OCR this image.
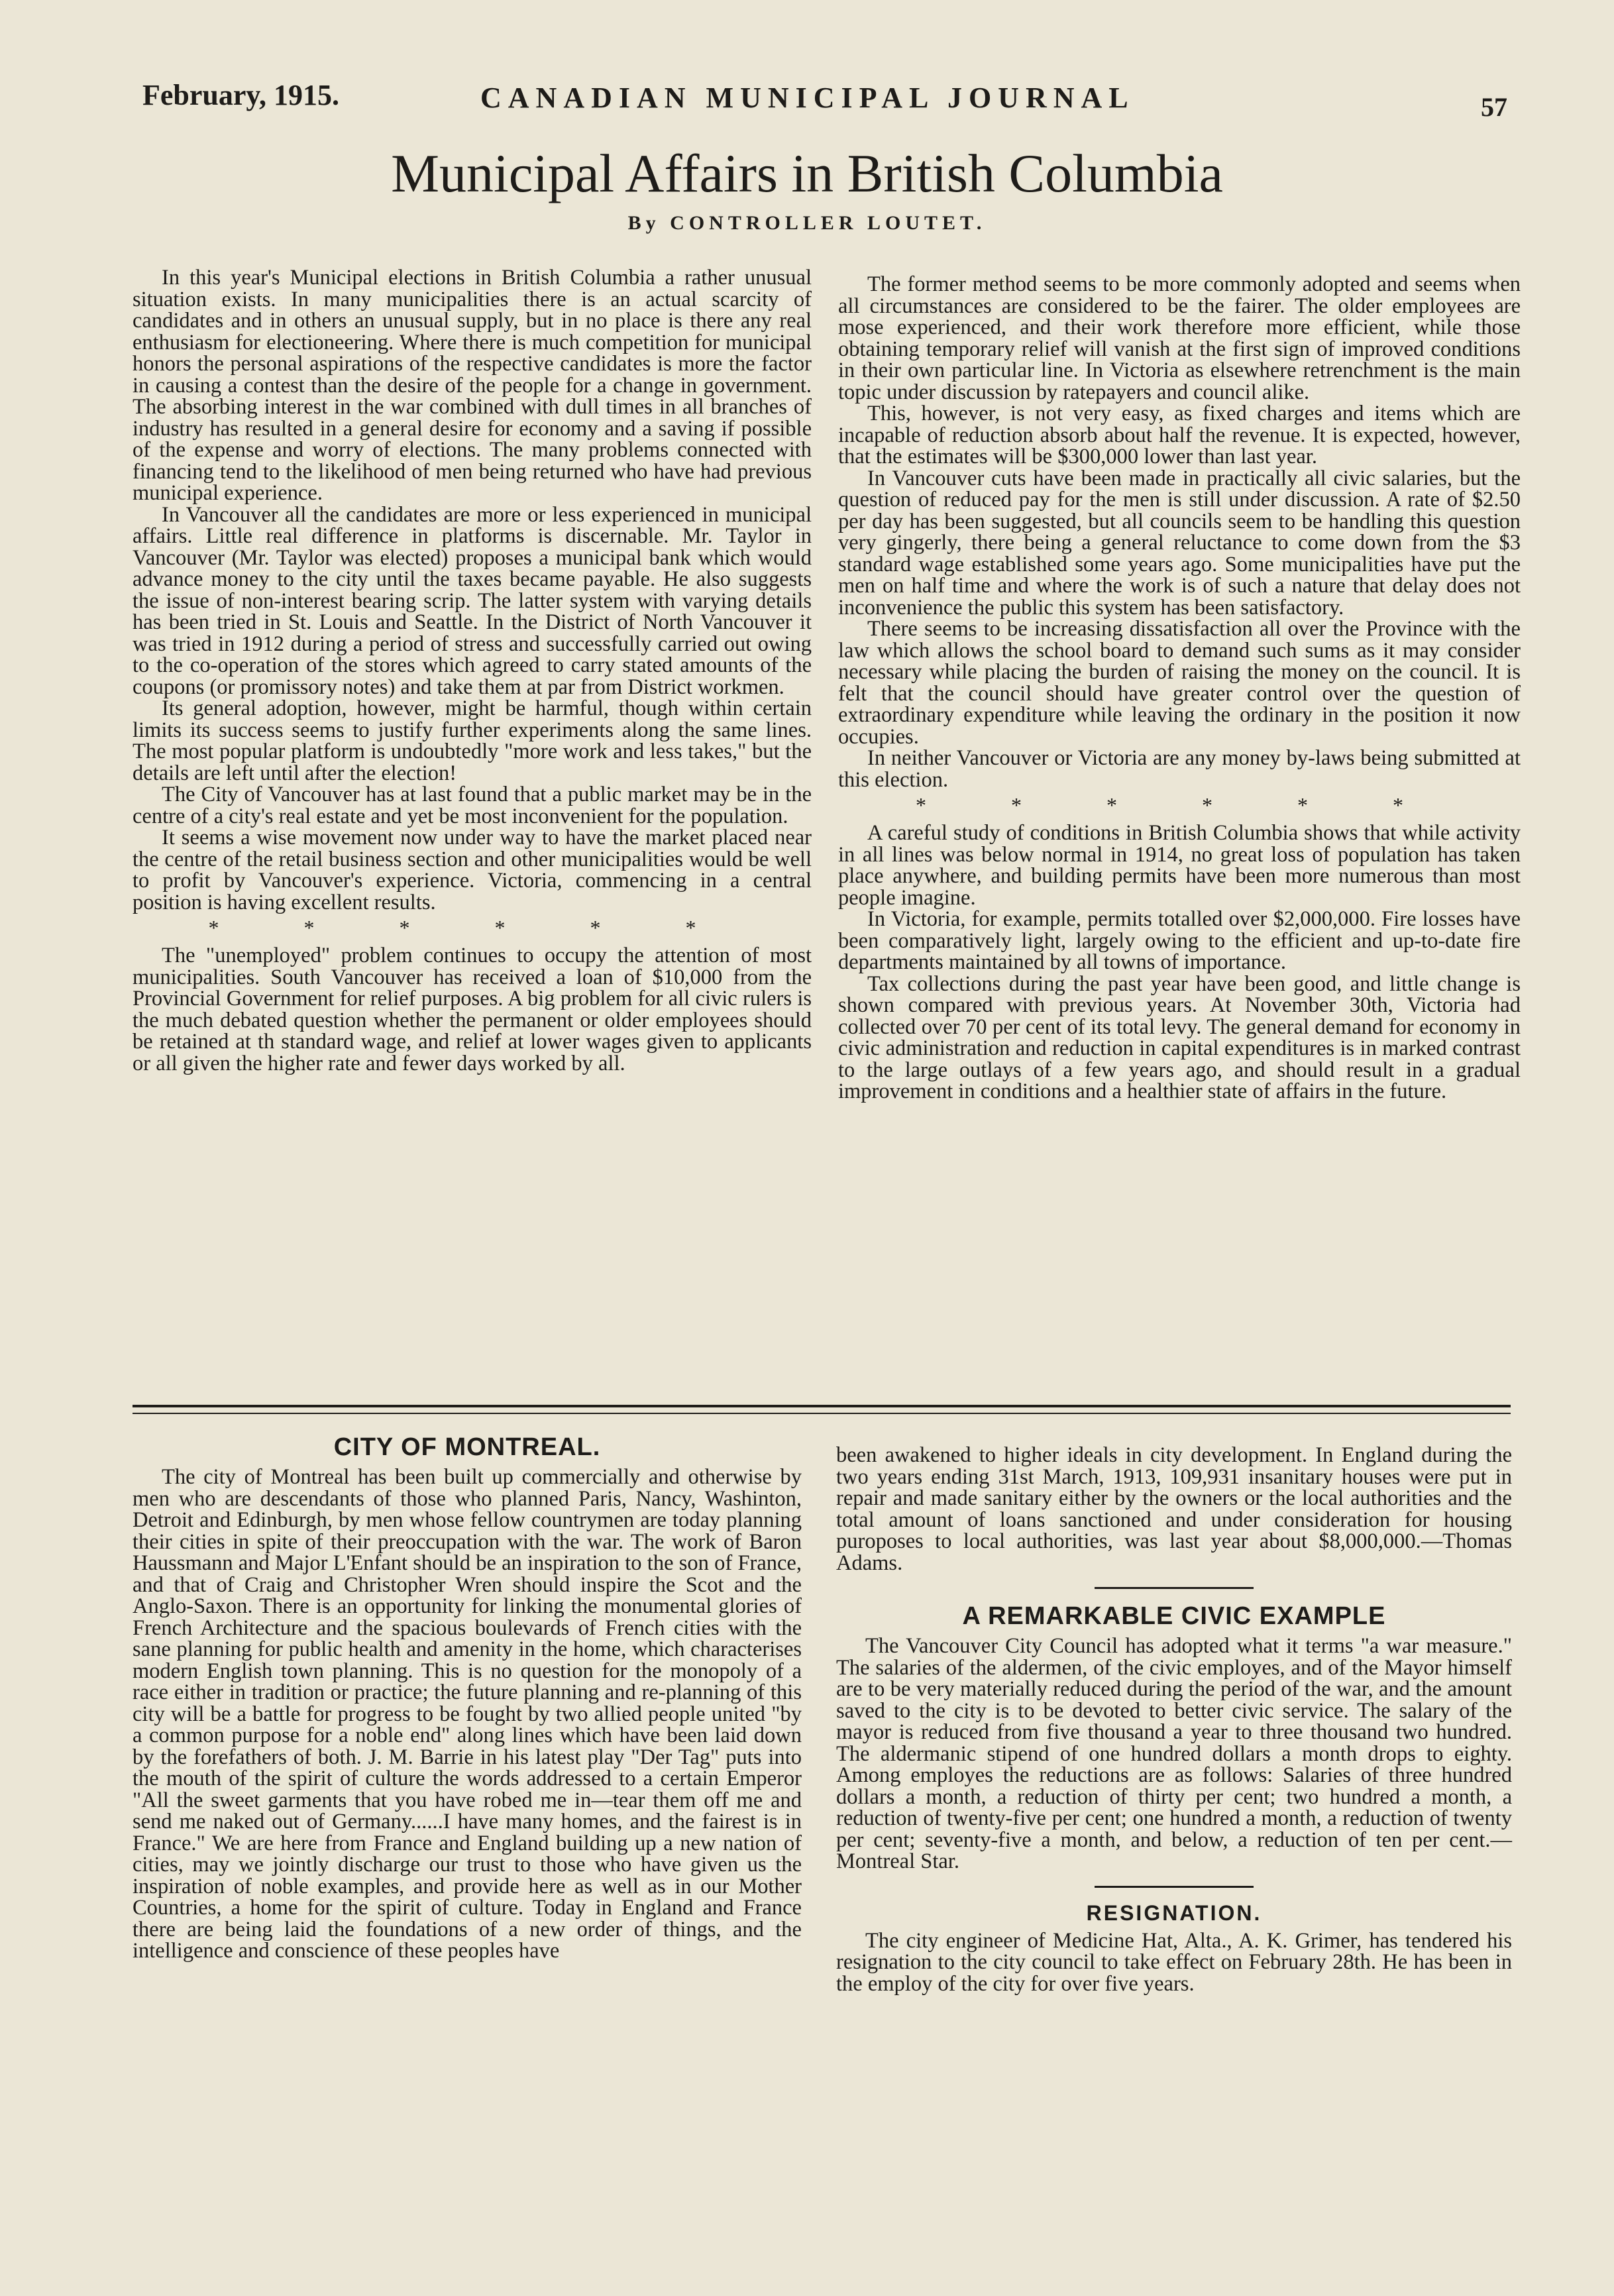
February, 1915.	CANADIAN MUNICIPAL JOURNAL	57
Municipal Affairs in British Columbia
By CONTROLLER LOUTET.

In this year's Municipal elections in British Columbia a rather unusual situation exists. In many municipalities there is an actual scarcity of candidates and in others an unusual supply, but in no place is there any real enthusiasm for electioneering. Where there is much competition for municipal honors the personal aspirations of the respective candidates is more the factor in causing a contest than the desire of the people for a change in government. The absorbing interest in the war combined with dull times in all branches of industry has resulted in a general desire for economy and a saving if possible of the expense and worry of elections. The many problems connected with financing tend to the likelihood of men being returned who have had previous municipal experience.

In Vancouver all the candidates are more or less experienced in municipal affairs. Little real difference in platforms is discernable. Mr. Taylor in Vancouver (Mr. Taylor was elected) proposes a municipal bank which would advance money to the city until the taxes became payable. He also suggests the issue of non-interest bearing scrip. The latter system with varying details has been tried in St. Louis and Seattle. In the District of North Vancouver it was tried in 1912 during a period of stress and successfully carried out owing to the co-operation of the stores which agreed to carry stated amounts of the coupons (or promissory notes) and take them at par from District workmen.

Its general adoption, however, might be harmful, though within certain limits its success seems to justify further experiments along the same lines. The most popular platform is undoubtedly "more work and less takes," but the details are left until after the election!

The City of Vancouver has at last found that a public market may be in the centre of a city's real estate and yet be most inconvenient for the population.

It seems a wise movement now under way to have the market placed near the centre of the retail business section and other municipalities would be well to profit by Vancouver's experience. Victoria, commencing in a central position is having excellent results.

* * * * * *

The "unemployed" problem continues to occupy the attention of most municipalities. South Vancouver has received a loan of $10,000 from the Provincial Government for relief purposes. A big problem for all civic rulers is the much debated question whether the permanent or older employees should be retained at th standard wage, and relief at lower wages given to applicants or all given the higher rate and fewer days worked by all.

The former method seems to be more commonly adopted and seems when all circumstances are considered to be the fairer. The older employees are mose experienced, and their work therefore more efficient, while those obtaining temporary relief will vanish at the first sign of improved conditions in their own particular line. In Victoria as elsewhere retrenchment is the main topic under discussion by ratepayers and council alike.

This, however, is not very easy, as fixed charges and items which are incapable of reduction absorb about half the revenue. It is expected, however, that the estimates will be $300,000 lower than last year.

In Vancouver cuts have been made in practically all civic salaries, but the question of reduced pay for the men is still under discussion. A rate of $2.50 per day has been suggested, but all councils seem to be handling this question very gingerly, there being a general reluctance to come down from the $3 standard wage established some years ago. Some municipalities have put the men on half time and where the work is of such a nature that delay does not inconvenience the public this system has been satisfactory.

There seems to be increasing dissatisfaction all over the Province with the law which allows the school board to demand such sums as it may consider necessary while placing the burden of raising the money on the council. It is felt that the council should have greater control over the question of extraordinary expenditure while leaving the ordinary in the position it now occupies.

In neither Vancouver or Victoria are any money by-laws being submitted at this election.

* * * * * *

A careful study of conditions in British Columbia shows that while activity in all lines was below normal in 1914, no great loss of population has taken place anywhere, and building permits have been more numerous than most people imagine.

In Victoria, for example, permits totalled over $2,000,000. Fire losses have been comparatively light, largely owing to the efficient and up-to-date fire departments maintained by all towns of importance.

Tax collections during the past year have been good, and little change is shown compared with previous years. At November 30th, Victoria had collected over 70 per cent of its total levy. The general demand for economy in civic administration and reduction in capital expenditures is in marked contrast to the large outlays of a few years ago, and should result in a gradual improvement in conditions and a healthier state of affairs in the future.

CITY OF MONTREAL.

The city of Montreal has been built up commercially and otherwise by men who are descendants of those who planned Paris, Nancy, Washinton, Detroit and Edinburgh, by men whose fellow countrymen are today planning their cities in spite of their preoccupation with the war. The work of Baron Haussmann and Major L'Enfant should be an inspiration to the son of France, and that of Craig and Christopher Wren should inspire the Scot and the Anglo-Saxon. There is an opportunity for linking the monumental glories of French Architecture and the spacious boulevards of French cities with the sane planning for public health and amenity in the home, which characterises modern English town planning. This is no question for the monopoly of a race either in tradition or practice; the future planning and re-planning of this city will be a battle for progress to be fought by two allied people united "by a common purpose for a noble end" along lines which have been laid down by the forefathers of both. J. M. Barrie in his latest play "Der Tag" puts into the mouth of the spirit of culture the words addressed to a certain Emperor "All the sweet garments that you have robed me in—tear them off me and send me naked out of Germany......I have many homes, and the fairest is in France." We are here from France and England building up a new nation of cities, may we jointly discharge our trust to those who have given us the inspiration of noble examples, and provide here as well as in our Mother Countries, a home for the spirit of culture. Today in England and France there are being laid the foundations of a new order of things, and the intelligence and conscience of these peoples have

been awakened to higher ideals in city development. In England during the two years ending 31st March, 1913, 109,931 insanitary houses were put in repair and made sanitary either by the owners or the local authorities and the total amount of loans sanctioned and under consideration for housing puroposes to local authorities, was last year about $8,000,000.—Thomas Adams.

A REMARKABLE CIVIC EXAMPLE

The Vancouver City Council has adopted what it terms "a war measure." The salaries of the aldermen, of the civic employes, and of the Mayor himself are to be very materially reduced during the period of the war, and the amount saved to the city is to be devoted to better civic service. The salary of the mayor is reduced from five thousand a year to three thousand two hundred. The aldermanic stipend of one hundred dollars a month drops to eighty. Among employes the reductions are as follows: Salaries of three hundred dollars a month, a reduction of thirty per cent; two hundred a month, a reduction of twenty-five per cent; one hundred a month, a reduction of twenty per cent; seventy-five a month, and below, a reduction of ten per cent.—Montreal Star.

RESIGNATION.

The city engineer of Medicine Hat, Alta., A. K. Grimer, has tendered his resignation to the city council to take effect on February 28th. He has been in the employ of the city for over five years.
